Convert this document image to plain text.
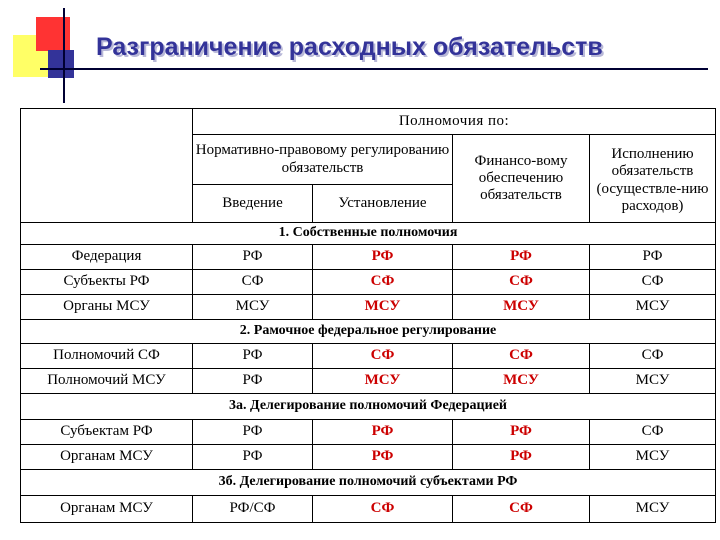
Разграничение расходных обязательств
	Полномочия по:			
	Нормативно-правовому регулированию обязательств		Финансо-вому обеспечению обязательств	Исполнению обязательств (осуществле-нию расходов)
	Введение	Установление		
1. Собственные полномочия				
Федерация	РФ	РФ	РФ	РФ
Субъекты РФ	СФ	СФ	СФ	СФ
Органы МСУ	МСУ	МСУ	МСУ	МСУ
2. Рамочное федеральное регулирование				
Полномочий СФ	РФ	СФ	СФ	СФ
Полномочий МСУ	РФ	МСУ	МСУ	МСУ
3а. Делегирование полномочий Федерацией				
Субъектам РФ	РФ	РФ	РФ	СФ
Органам МСУ	РФ	РФ	РФ	МСУ
3б. Делегирование полномочий субъектами РФ				
Органам МСУ	РФ/СФ	СФ	СФ	МСУ
